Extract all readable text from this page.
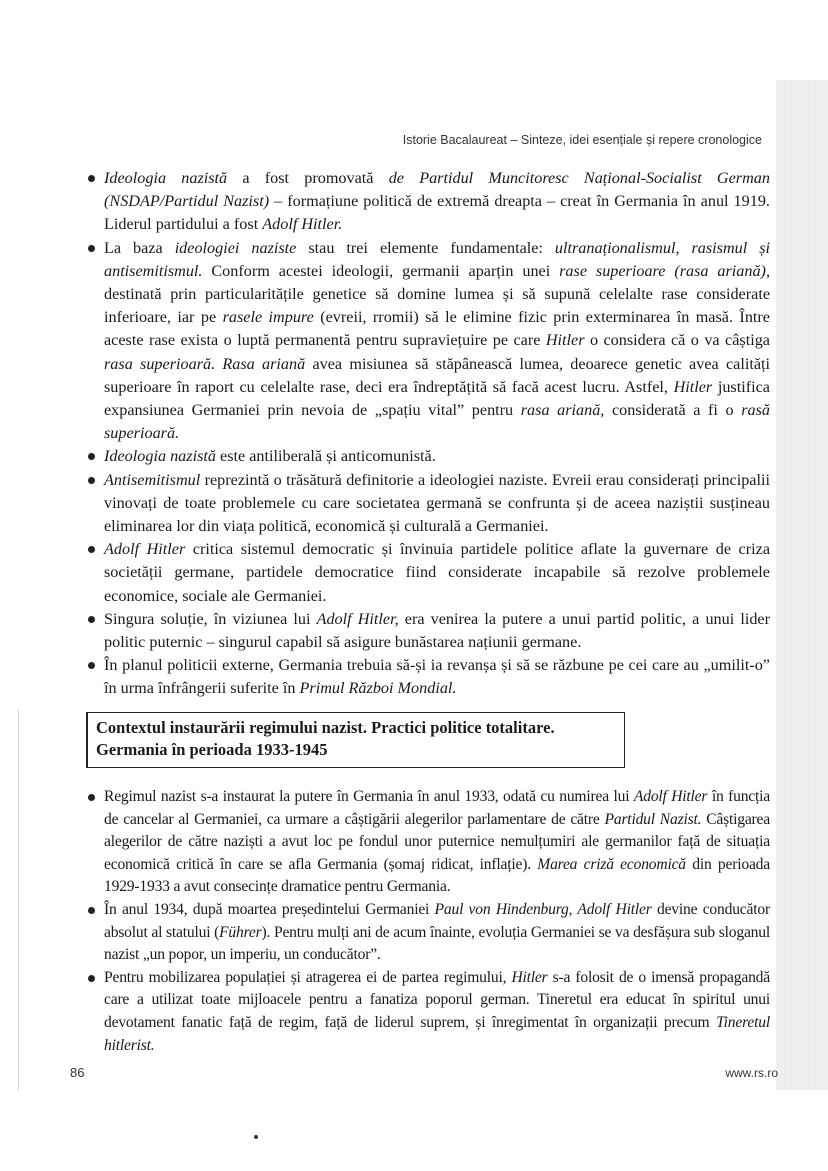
Istorie Bacalaureat – Sinteze, idei esențiale și repere cronologice
Ideologia nazistă a fost promovată de Partidul Muncitoresc Național-Socialist German (NSDAP/Partidul Nazist) – formațiune politică de extremă dreapta – creat în Germania în anul 1919. Liderul partidului a fost Adolf Hitler.
La baza ideologiei naziste stau trei elemente fundamentale: ultranaționalismul, rasismul și antisemitismul. Conform acestei ideologii, germanii aparțin unei rase superioare (rasa ariană), destinată prin particularitățile genetice să domine lumea și să supună celelalte rase considerate inferioare, iar pe rasele impure (evreii, rromii) să le elimine fizic prin exterminarea în masă. Între aceste rase exista o luptă permanentă pentru supraviețuire pe care Hitler o considera că o va câștiga rasa superioară. Rasa ariană avea misiunea să stăpânească lumea, deoarece genetic avea calități superioare în raport cu celelalte rase, deci era îndreptățită să facă acest lucru. Astfel, Hitler justifica expansiunea Germaniei prin nevoia de „spațiu vital” pentru rasa ariană, considerată a fi o rasă superioară.
Ideologia nazistă este antiliberală și anticomunistă.
Antisemitismul reprezintă o trăsătură definitorie a ideologiei naziste. Evreii erau considerați principalii vinovați de toate problemele cu care societatea germană se confrunta și de aceea naziștii susțineau eliminarea lor din viața politică, economică și culturală a Germaniei.
Adolf Hitler critica sistemul democratic și învinuia partidele politice aflate la guvernare de criza societății germane, partidele democratice fiind considerate incapabile să rezolve problemele economice, sociale ale Germaniei.
Singura soluție, în viziunea lui Adolf Hitler, era venirea la putere a unui partid politic, a unui lider politic puternic – singurul capabil să asigure bunăstarea națiunii germane.
În planul politicii externe, Germania trebuia să-și ia revanșa și să se răzbune pe cei care au „umilit-o” în urma înfrângerii suferite în Primul Război Mondial.
Contextul instaurării regimului nazist. Practici politice totalitare.
Germania în perioada 1933-1945
Regimul nazist s-a instaurat la putere în Germania în anul 1933, odată cu numirea lui Adolf Hitler în funcția de cancelar al Germaniei, ca urmare a câștigării alegerilor parlamentare de către Partidul Nazist. Câștigarea alegerilor de către naziști a avut loc pe fondul unor puternice nemulțumiri ale germanilor față de situația economică critică în care se afla Germania (șomaj ridicat, inflație). Marea criză economică din perioada 1929-1933 a avut consecințe dramatice pentru Germania.
În anul 1934, după moartea președintelui Germaniei Paul von Hindenburg, Adolf Hitler devine conducător absolut al statului (Führer). Pentru mulți ani de acum înainte, evoluția Germaniei se va desfășura sub sloganul nazist „un popor, un imperiu, un conducător”.
Pentru mobilizarea populației și atragerea ei de partea regimului, Hitler s-a folosit de o imensă propagandă care a utilizat toate mijloacele pentru a fanatiza poporul german. Tineretul era educat în spiritul unui devotament fanatic față de regim, față de liderul suprem, și înregimentat în organizații precum Tineretul hitlerist.
86	www.rs.ro
